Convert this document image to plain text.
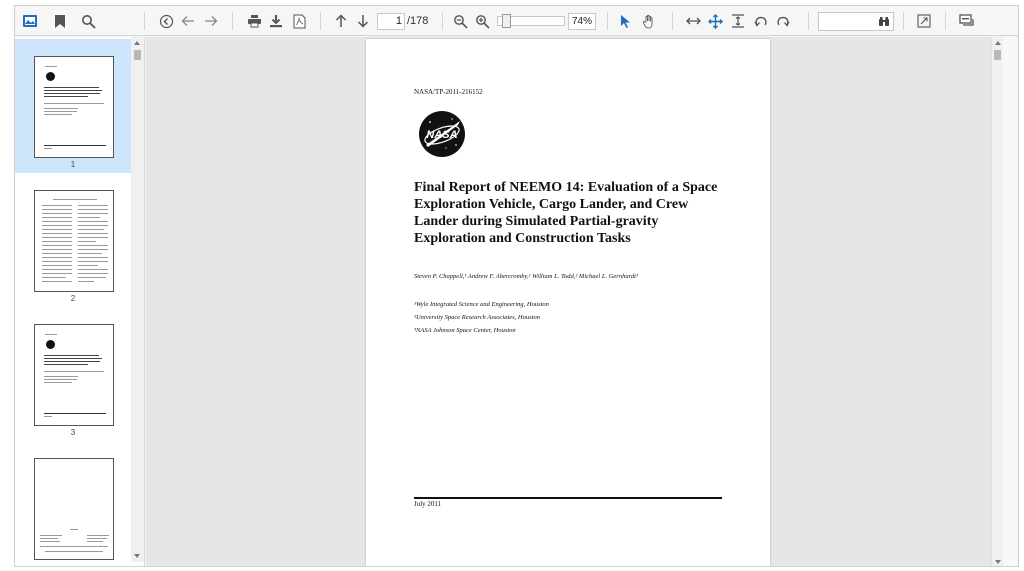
1 /178	74%
1
2
3
NASA/TP-2011-216152
NASA
Final Report of NEEMO 14: Evaluation of a Space Exploration Vehicle, Cargo Lander, and Crew Lander during Simulated Partial-gravity Exploration and Construction Tasks
Steven P. Chappell,¹ Andrew F. Abercromby,¹ William L. Todd,² Michael L. Gernhardt³
¹Wyle Integrated Science and Engineering, Houston
²University Space Research Associates, Houston
³NASA Johnson Space Center, Houston
July 2011
